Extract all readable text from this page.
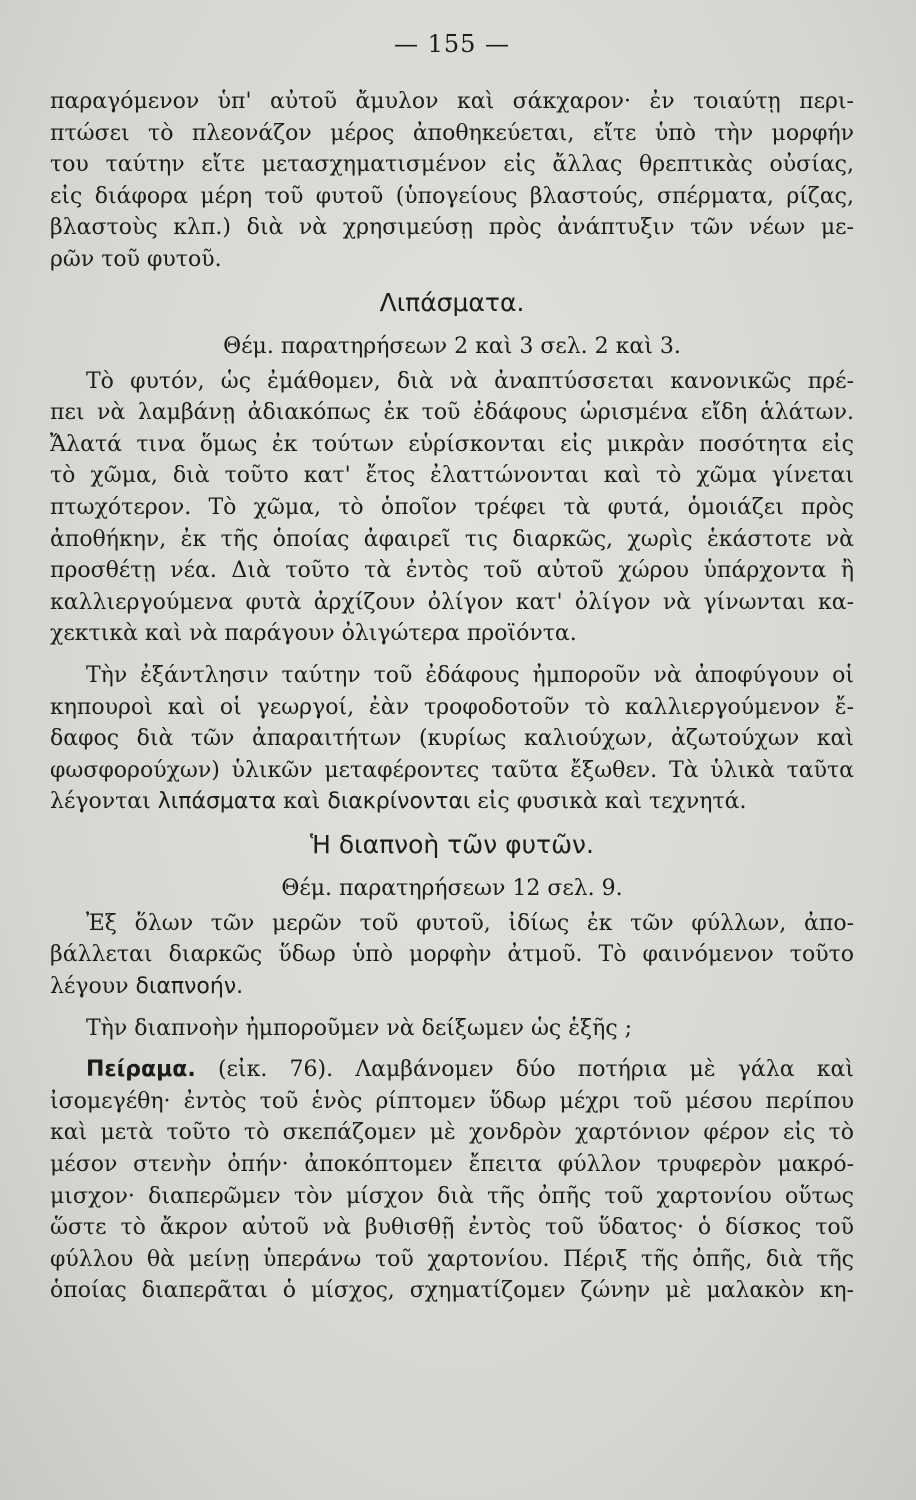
— 155 —
παραγόμενον ὑπ' αὐτοῦ ἄμυλον καὶ σάκχαρον· ἐν τοιαύτῃ περι-
πτώσει τὸ πλεονάζον μέρος ἀποθηκεύεται, εἴτε ὑπὸ τὴν μορφήν
του ταύτην εἴτε μετασχηματισμένον εἰς ἄλλας θρεπτικὰς οὐσίας,
εἰς διάφορα μέρη τοῦ φυτοῦ (ὑπογείους βλαστούς, σπέρματα, ρίζας,
βλαστοὺς κλπ.) διὰ νὰ χρησιμεύσῃ πρὸς ἀνάπτυξιν τῶν νέων με-
ρῶν τοῦ φυτοῦ.
Λιπάσματα.
Θέμ. παρατηρήσεων 2 καὶ 3 σελ. 2 καὶ 3.
Τὸ φυτόν, ὡς ἐμάθομεν, διὰ νὰ ἀναπτύσσεται κανονικῶς πρέ-
πει νὰ λαμβάνῃ ἀδιακόπως ἐκ τοῦ ἐδάφους ὡρισμένα εἴδη ἁλάτων.
Ἄλατά τινα ὅμως ἐκ τούτων εὑρίσκονται εἰς μικρὰν ποσότητα εἰς
τὸ χῶμα, διὰ τοῦτο κατ' ἔτος ἐλαττώνονται καὶ τὸ χῶμα γίνεται
πτωχότερον. Τὸ χῶμα, τὸ ὁποῖον τρέφει τὰ φυτά, ὁμοιάζει πρὸς
ἀποθήκην, ἐκ τῆς ὁποίας ἀφαιρεῖ τις διαρκῶς, χωρὶς ἑκάστοτε νὰ
προσθέτῃ νέα. Διὰ τοῦτο τὰ ἐντὸς τοῦ αὐτοῦ χώρου ὑπάρχοντα ἢ
καλλιεργούμενα φυτὰ ἀρχίζουν ὀλίγον κατ' ὀλίγον νὰ γίνωνται κα-
χεκτικὰ καὶ νὰ παράγουν ὀλιγώτερα προϊόντα.
Τὴν ἐξάντλησιν ταύτην τοῦ ἐδάφους ἠμποροῦν νὰ ἀποφύγουν οἱ
κηπουροὶ καὶ οἱ γεωργοί, ἐὰν τροφοδοτοῦν τὸ καλλιεργούμενον ἔ-
δαφος διὰ τῶν ἀπαραιτήτων (κυρίως καλιούχων, ἀζωτούχων καὶ
φωσφορούχων) ὑλικῶν μεταφέροντες ταῦτα ἔξωθεν. Τὰ ὑλικὰ ταῦτα
λέγονται λιπάσματα καὶ διακρίνονται εἰς φυσικὰ καὶ τεχνητά.
Ἡ διαπνοὴ τῶν φυτῶν.
Θέμ. παρατηρήσεων 12 σελ. 9.
Ἐξ ὅλων τῶν μερῶν τοῦ φυτοῦ, ἰδίως ἐκ τῶν φύλλων, ἀπο-
βάλλεται διαρκῶς ὕδωρ ὑπὸ μορφὴν ἀτμοῦ. Τὸ φαινόμενον τοῦτο
λέγουν διαπνοήν.
Τὴν διαπνοὴν ἠμποροῦμεν νὰ δείξωμεν ὡς ἑξῆς ;
Πείραμα. (εἰκ. 76). Λαμβάνομεν δύο ποτήρια μὲ γάλα καὶ
ἰσομεγέθη· ἐντὸς τοῦ ἑνὸς ρίπτομεν ὕδωρ μέχρι τοῦ μέσου περίπου
καὶ μετὰ τοῦτο τὸ σκεπάζομεν μὲ χονδρὸν χαρτόνιον φέρον εἰς τὸ
μέσον στενὴν ὀπήν· ἀποκόπτομεν ἔπειτα φύλλον τρυφερὸν μακρό-
μισχον· διαπερῶμεν τὸν μίσχον διὰ τῆς ὀπῆς τοῦ χαρτονίου οὕτως
ὥστε τὸ ἄκρον αὐτοῦ νὰ βυθισθῇ ἐντὸς τοῦ ὕδατος· ὁ δίσκος τοῦ
φύλλου θὰ μείνῃ ὑπεράνω τοῦ χαρτονίου. Πέριξ τῆς ὀπῆς, διὰ τῆς
ὁποίας διαπερᾶται ὁ μίσχος, σχηματίζομεν ζώνην μὲ μαλακὸν κη-
